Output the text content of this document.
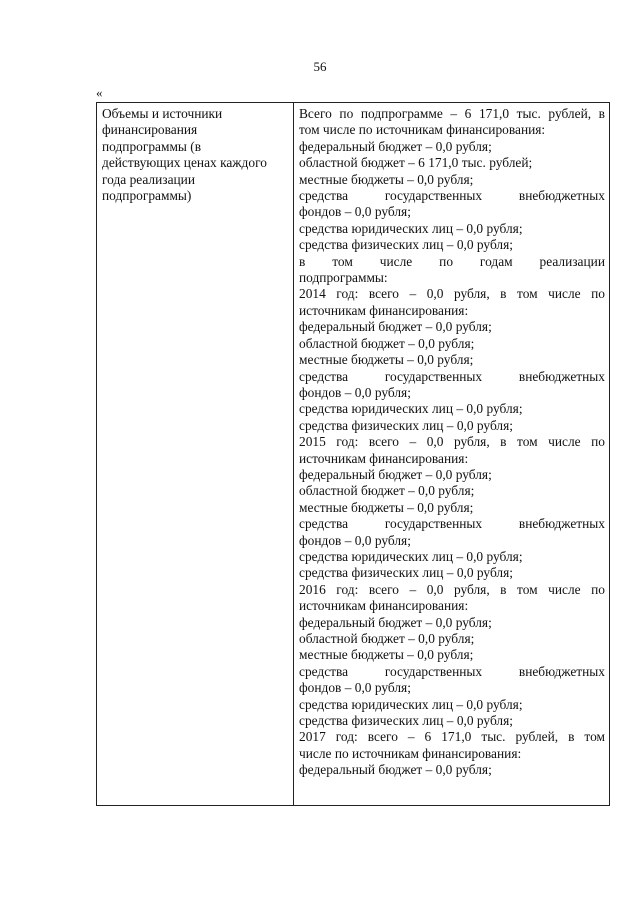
56
«
Объемы и источники
финансирования
подпрограммы (в
действующих ценах каждого
года реализации
подпрограммы)
Всего по подпрограмме – 6 171,0 тыс. рублей, в
том числе по источникам финансирования:
федеральный бюджет – 0,0 рубля;
областной бюджет – 6 171,0 тыс. рублей;
местные бюджеты – 0,0 рубля;
средства государственных внебюджетных
фондов – 0,0 рубля;
средства юридических лиц – 0,0 рубля;
средства физических лиц – 0,0 рубля;
в том числе по годам реализации
подпрограммы:
2014 год: всего – 0,0 рубля, в том числе по
источникам финансирования:
федеральный бюджет – 0,0 рубля;
областной бюджет – 0,0 рубля;
местные бюджеты – 0,0 рубля;
средства государственных внебюджетных
фондов – 0,0 рубля;
средства юридических лиц – 0,0 рубля;
средства физических лиц – 0,0 рубля;
2015 год: всего – 0,0 рубля, в том числе по
источникам финансирования:
федеральный бюджет – 0,0 рубля;
областной бюджет – 0,0 рубля;
местные бюджеты – 0,0 рубля;
средства государственных внебюджетных
фондов – 0,0 рубля;
средства юридических лиц – 0,0 рубля;
средства физических лиц – 0,0 рубля;
2016 год: всего – 0,0 рубля, в том числе по
источникам финансирования:
федеральный бюджет – 0,0 рубля;
областной бюджет – 0,0 рубля;
местные бюджеты – 0,0 рубля;
средства государственных внебюджетных
фондов – 0,0 рубля;
средства юридических лиц – 0,0 рубля;
средства физических лиц – 0,0 рубля;
2017 год: всего – 6 171,0 тыс. рублей, в том
числе по источникам финансирования:
федеральный бюджет – 0,0 рубля;
